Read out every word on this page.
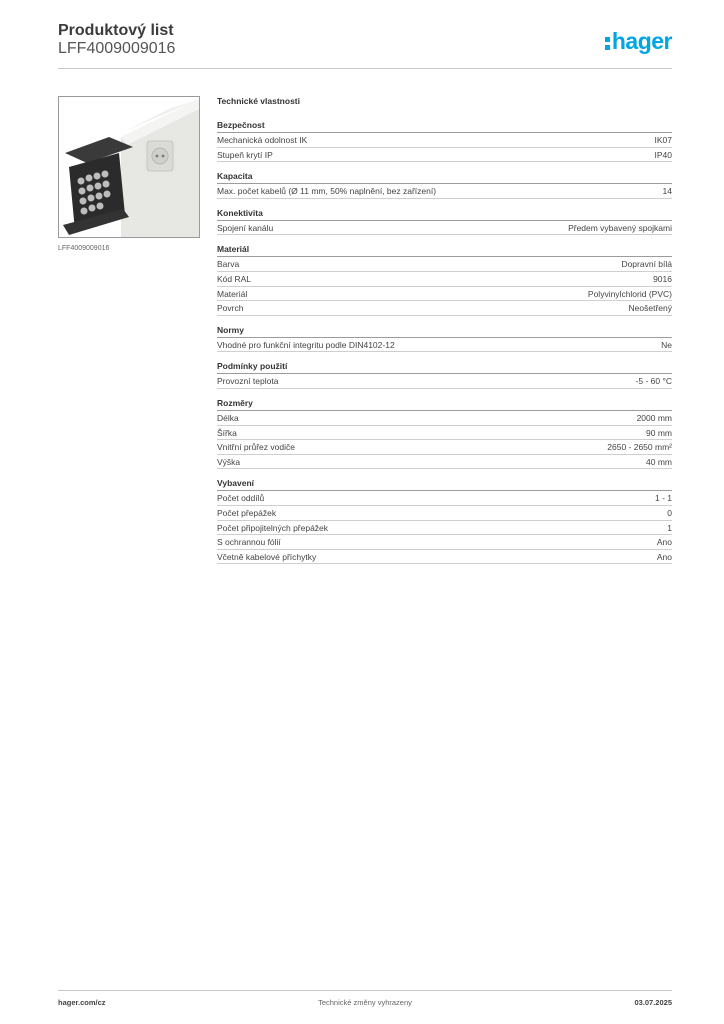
Produktový list
LFF4009009016	hager
LFF4009009016
Technické vlastnosti
Bezpečnost
Mechanická odolnost IK	IK07
Stupeň krytí IP	IP40
Kapacita
Max. počet kabelů (Ø 11 mm, 50% naplnění, bez zařízení)	14
Konektivita
Spojení kanálu	Předem vybavený spojkami
Materiál
Barva	Dopravní bílá
Kód RAL	9016
Materiál	Polyvinylchlorid (PVC)
Povrch	Neošetřený
Normy
Vhodné pro funkční integritu podle DIN4102-12	Ne
Podmínky použití
Provozní teplota	-5 - 60 °C
Rozměry
Délka	2000 mm
Šířka	90 mm
Vnitřní průřez vodiče	2650 - 2650 mm²
Výška	40 mm
Vybavení
Počet oddílů	1 - 1
Počet přepážek	0
Počet připojitelných přepážek	1
S ochrannou fólií	Ano
Včetně kabelové příchytky	Ano
hager.com/cz	Technické změny vyhrazeny	03.07.2025
